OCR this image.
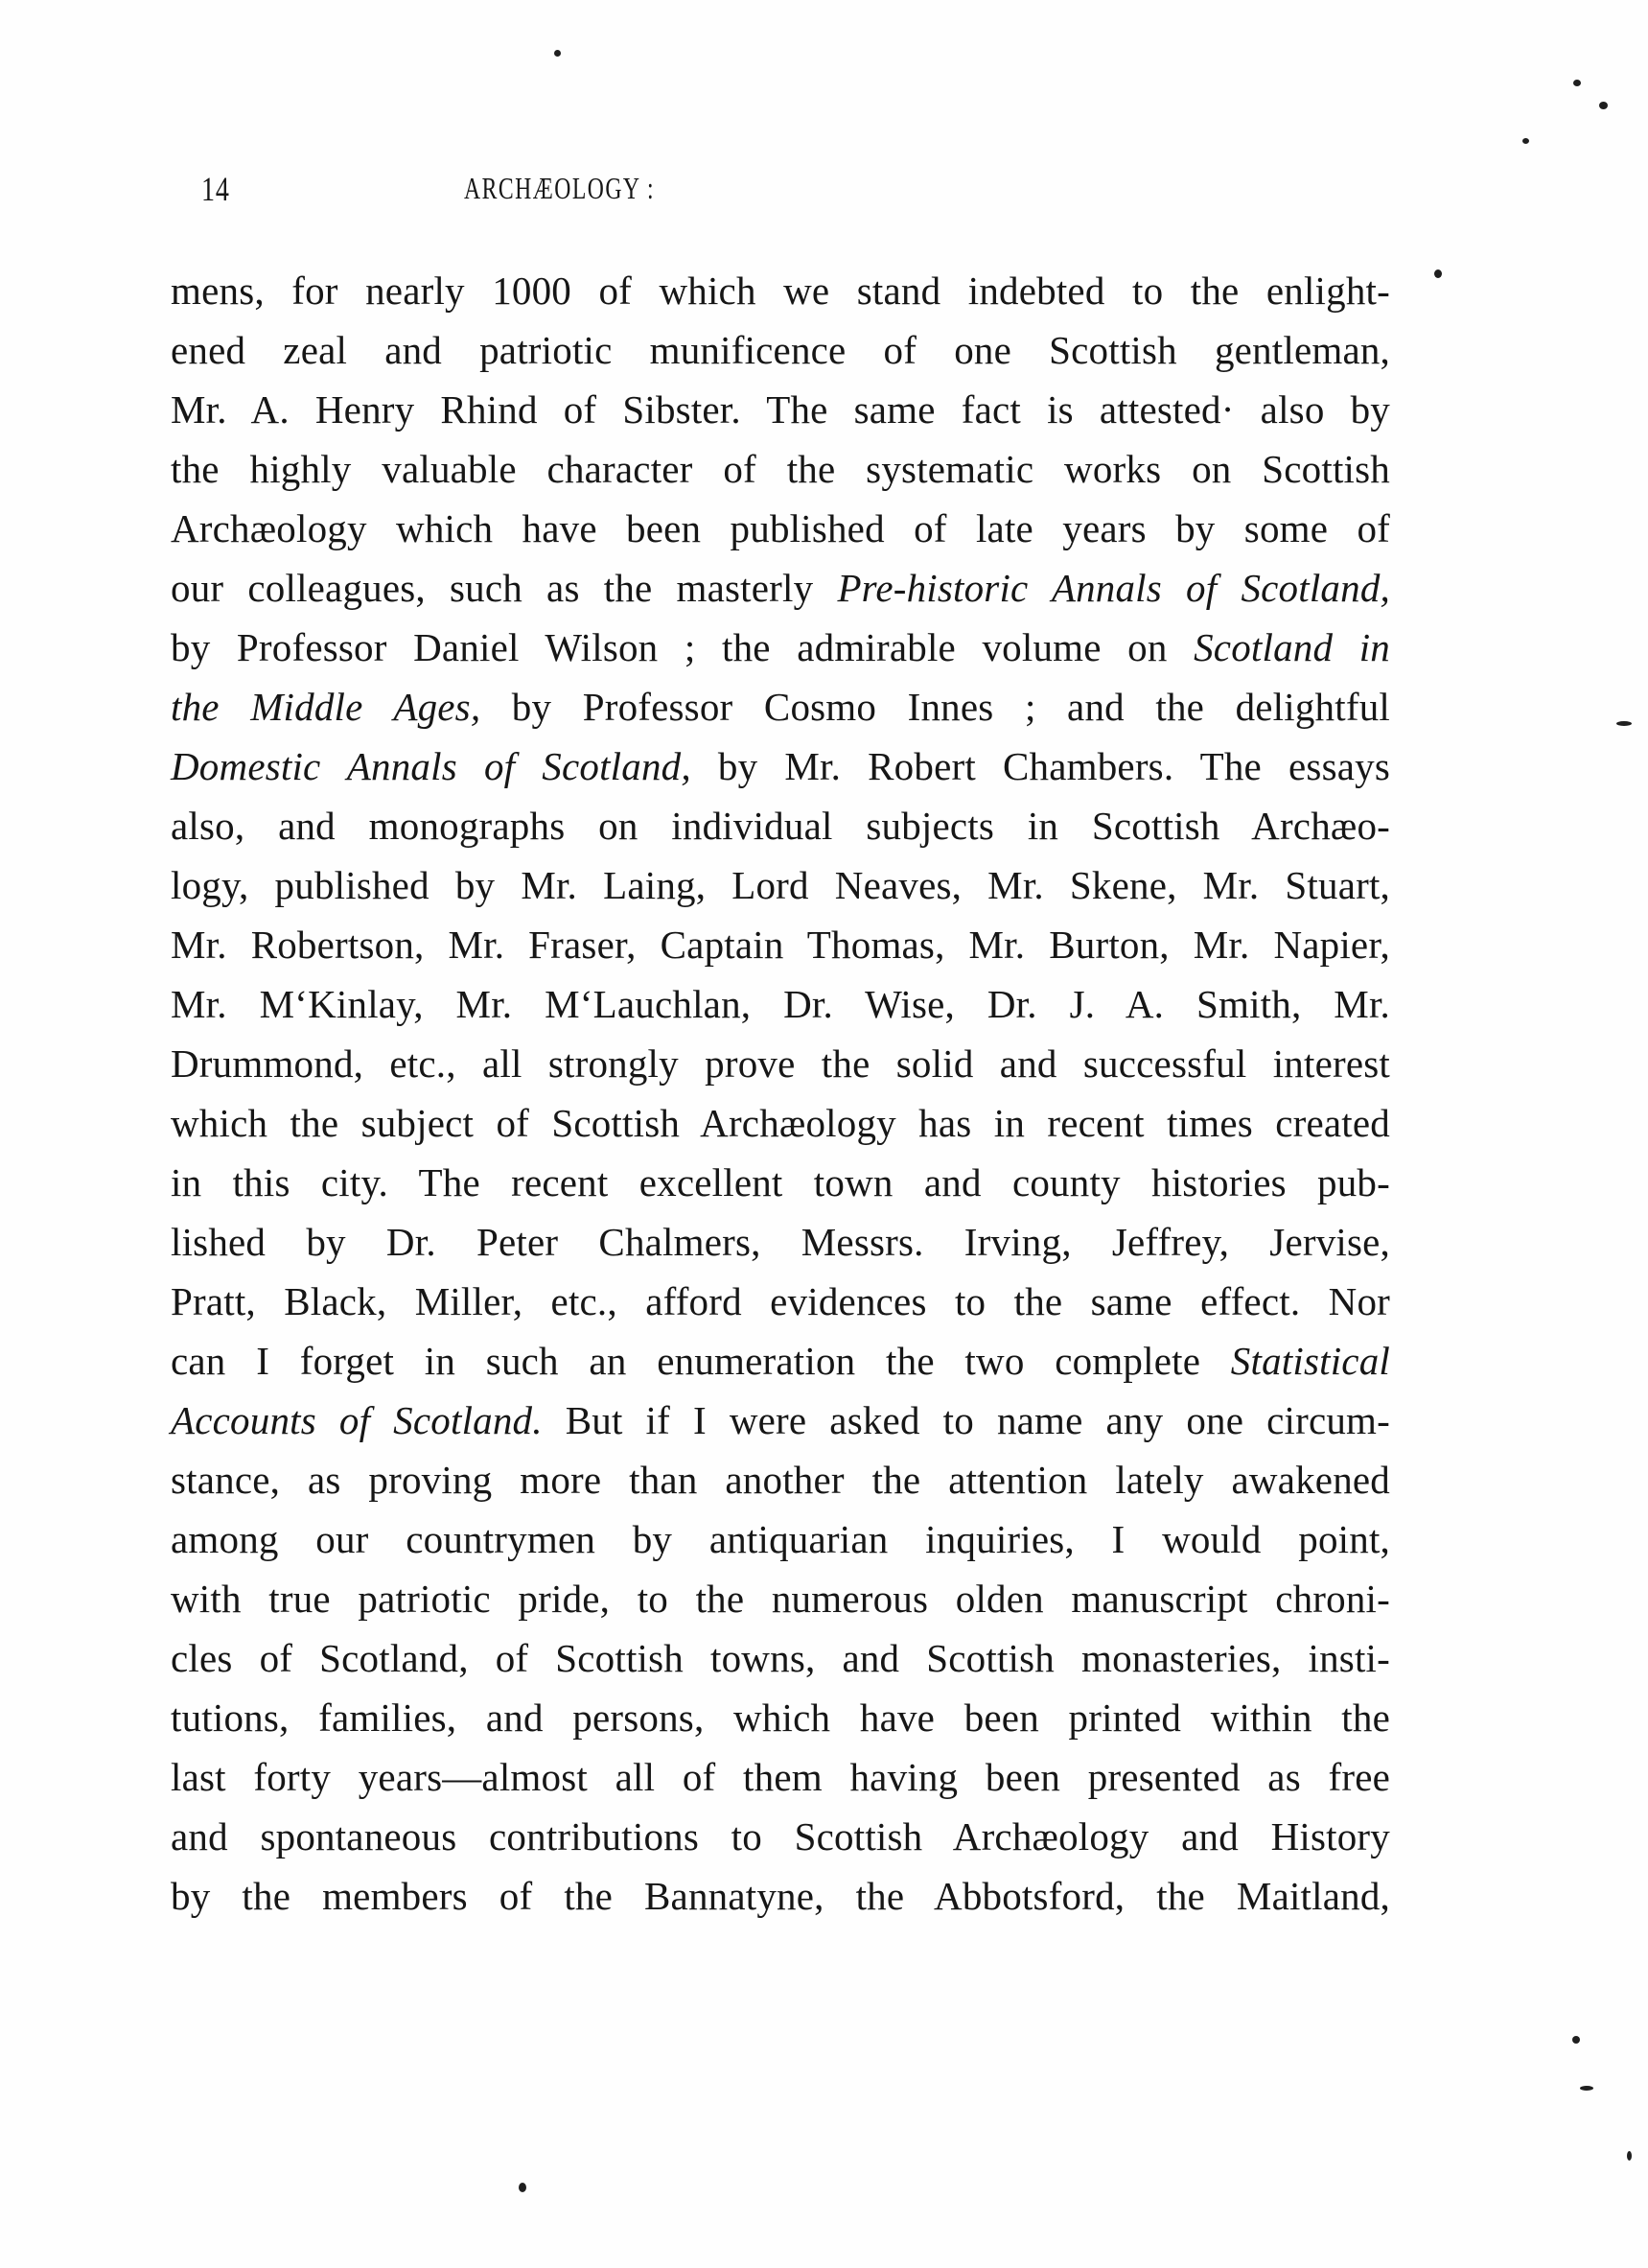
14	ARCHÆOLOGY :
mens, for nearly 1000 of which we stand indebted to the enlight-
ened zeal and patriotic munificence of one Scottish gentleman,
Mr. A. Henry Rhind of Sibster. The same fact is attested· also by
the highly valuable character of the systematic works on Scottish
Archæology which have been published of late years by some of
our colleagues, such as the masterly Pre-historic Annals of Scotland,
by Professor Daniel Wilson ; the admirable volume on Scotland in
the Middle Ages, by Professor Cosmo Innes ; and the delightful
Domestic Annals of Scotland, by Mr. Robert Chambers. The essays
also, and monographs on individual subjects in Scottish Archæo-
logy, published by Mr. Laing, Lord Neaves, Mr. Skene, Mr. Stuart,
Mr. Robertson, Mr. Fraser, Captain Thomas, Mr. Burton, Mr. Napier,
Mr. M‘Kinlay, Mr. M‘Lauchlan, Dr. Wise, Dr. J. A. Smith, Mr.
Drummond, etc., all strongly prove the solid and successful interest
which the subject of Scottish Archæology has in recent times created
in this city. The recent excellent town and county histories pub-
lished by Dr. Peter Chalmers, Messrs. Irving, Jeffrey, Jervise,
Pratt, Black, Miller, etc., afford evidences to the same effect. Nor
can I forget in such an enumeration the two complete Statistical
Accounts of Scotland. But if I were asked to name any one circum-
stance, as proving more than another the attention lately awakened
among our countrymen by antiquarian inquiries, I would point,
with true patriotic pride, to the numerous olden manuscript chroni-
cles of Scotland, of Scottish towns, and Scottish monasteries, insti-
tutions, families, and persons, which have been printed within the
last forty years—almost all of them having been presented as free
and spontaneous contributions to Scottish Archæology and History
by the members of the Bannatyne, the Abbotsford, the Maitland,
